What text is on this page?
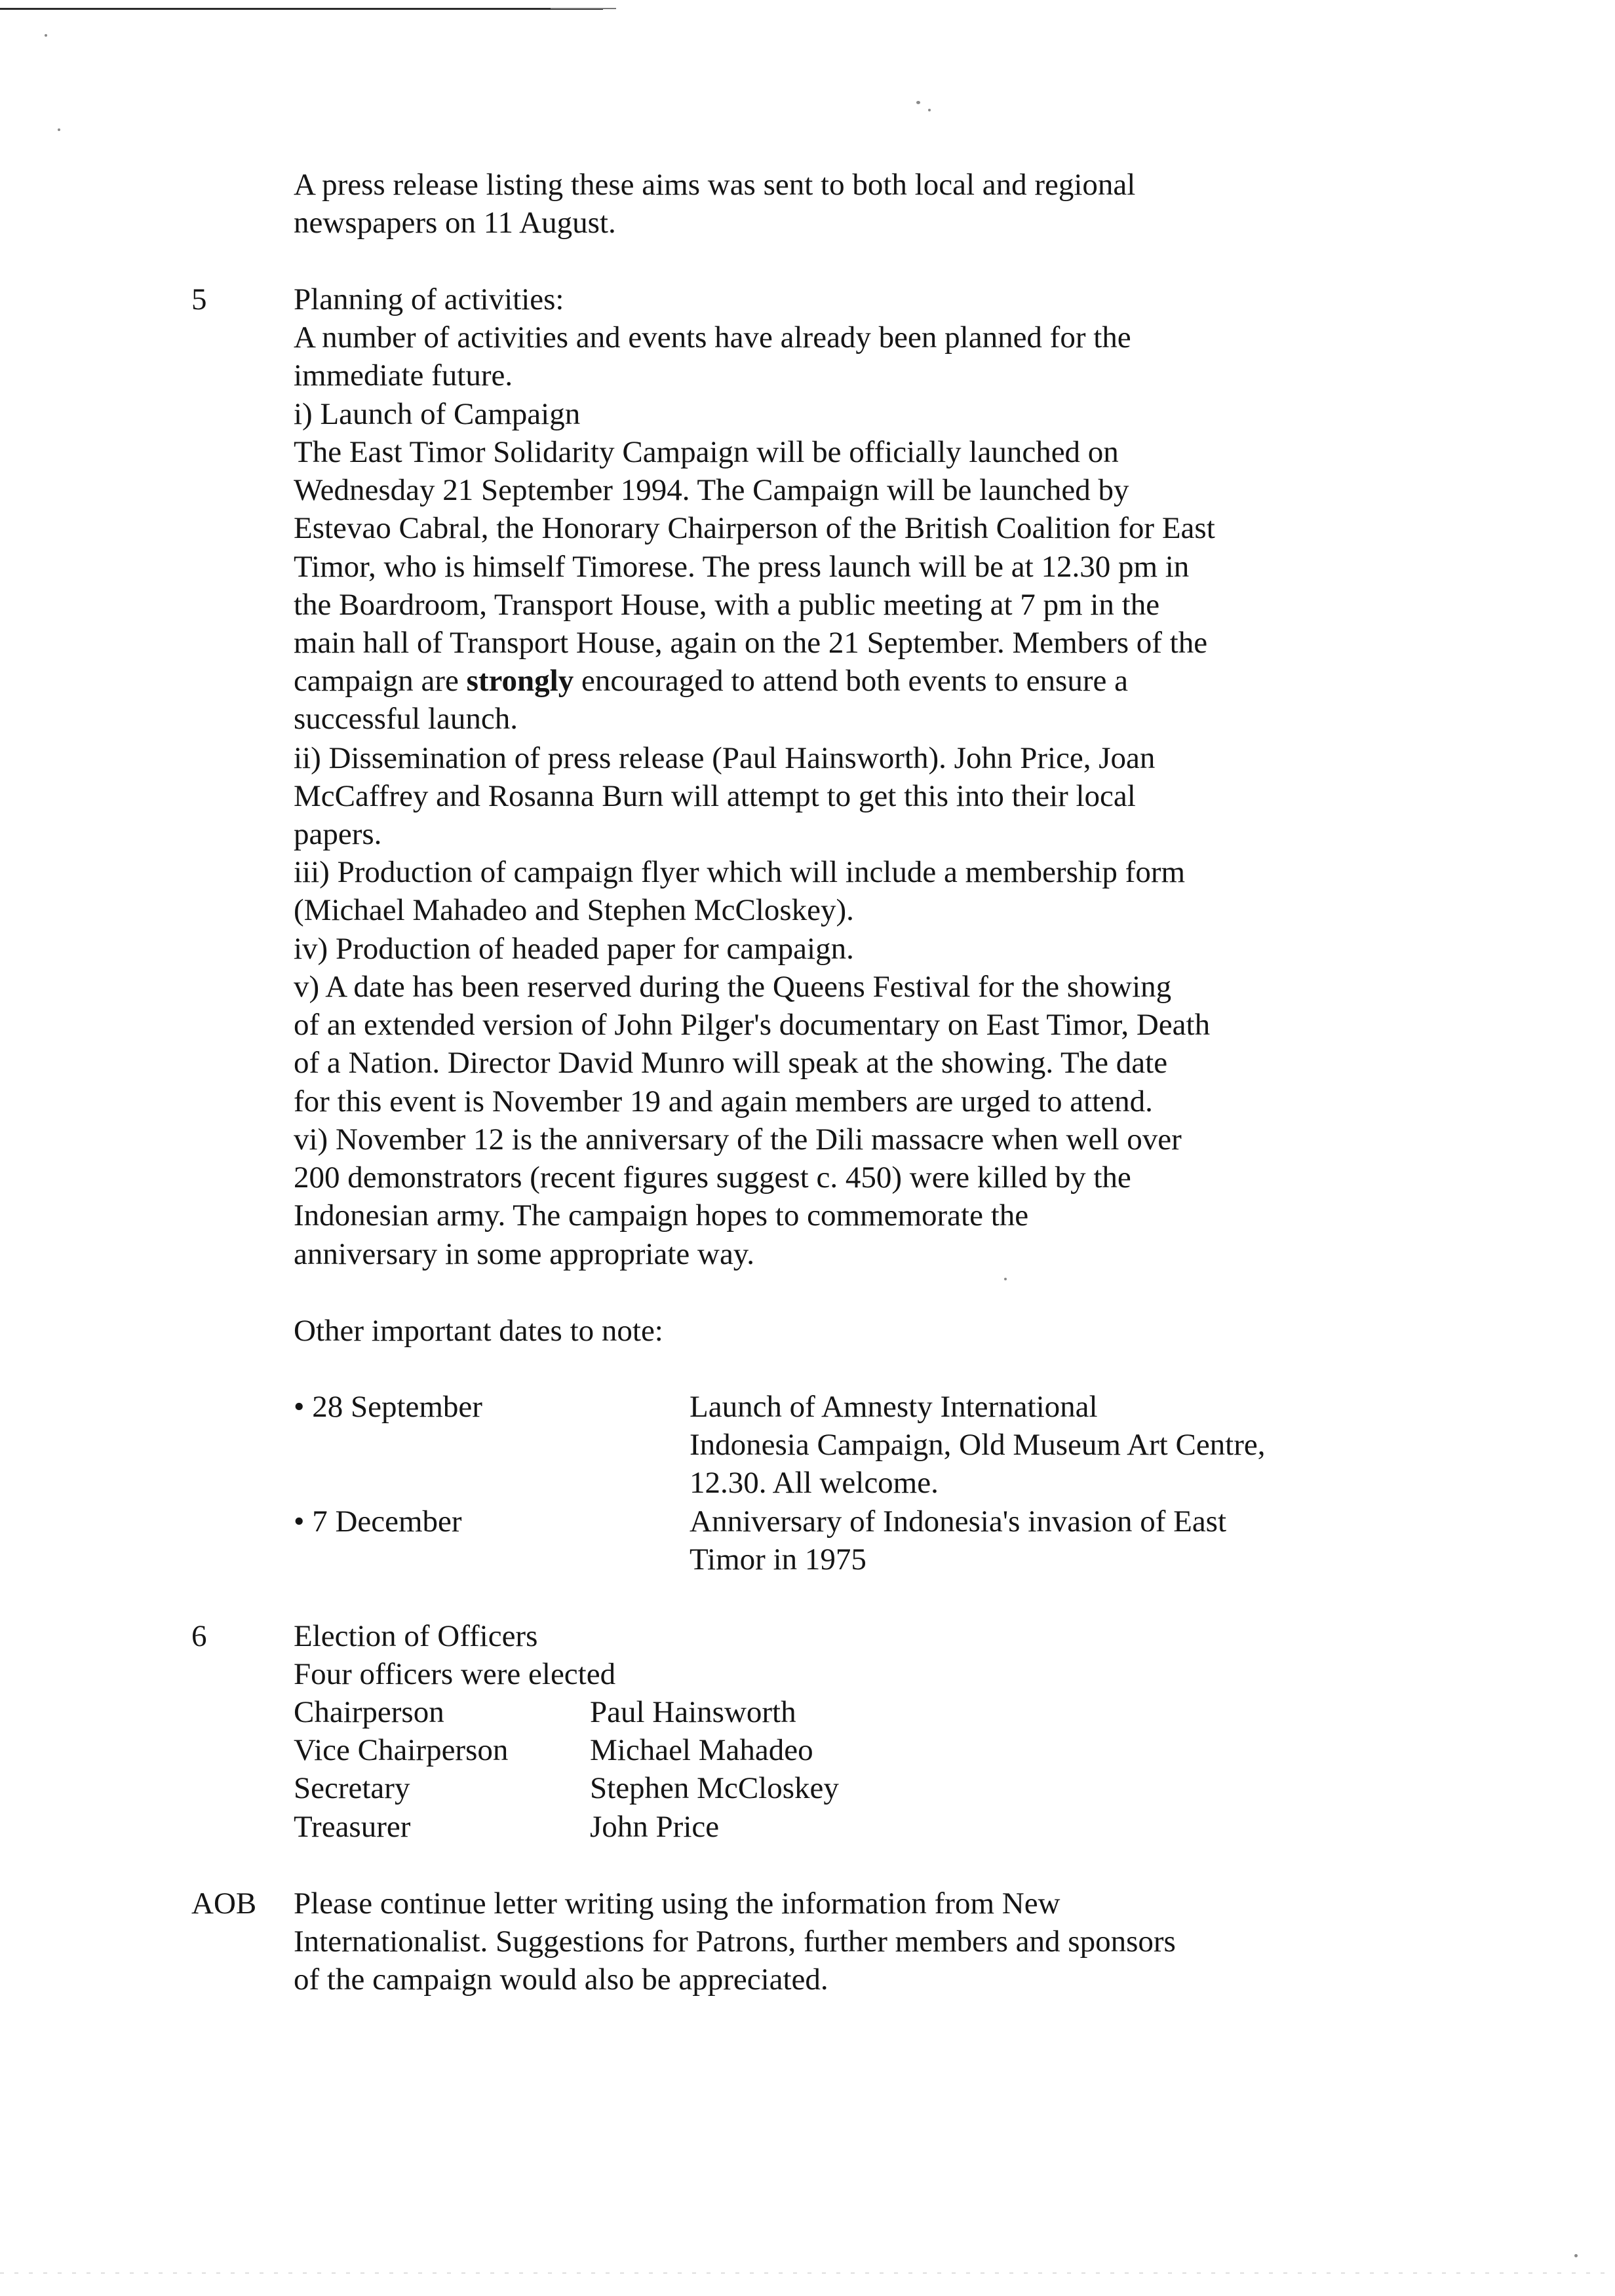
A press release listing these aims was sent to both local and regional
newspapers on 11 August.

5	Planning of activities:

A number of activities and events have already been planned for the
immediate future.

i) Launch of Campaign

The East Timor Solidarity Campaign will be officially launched on
Wednesday 21 September 1994. The Campaign will be launched by
Estevao Cabral, the Honorary Chairperson of the British Coalition for East
Timor, who is himself Timorese. The press launch will be at 12.30 pm in
the Boardroom, Transport House, with a public meeting at 7 pm in the
main hall of Transport House, again on the 21 September. Members of the
campaign are strongly encouraged to attend both events to ensure a
successful launch.

ii) Dissemination of press release (Paul Hainsworth). John Price, Joan
McCaffrey and Rosanna Burn will attempt to get this into their local
papers.

iii) Production of campaign flyer which will include a membership form
(Michael Mahadeo and Stephen McCloskey).

iv) Production of headed paper for campaign.

v) A date has been reserved during the Queens Festival for the showing
of an extended version of John Pilger's documentary on East Timor, Death
of a Nation. Director David Munro will speak at the showing. The date
for this event is November 19 and again members are urged to attend.

vi) November 12 is the anniversary of the Dili massacre when well over
200 demonstrators (recent figures suggest c. 450) were killed by the
Indonesian army. The campaign hopes to commemorate the
anniversary in some appropriate way.

Other important dates to note:

• 28 September	Launch of Amnesty International
Indonesia Campaign, Old Museum Art Centre,
12.30. All welcome.
• 7 December	Anniversary of Indonesia's invasion of East
Timor in 1975
6	Election of Officers

Four officers were elected

Chairperson	Paul Hainsworth
Vice Chairperson	Michael Mahadeo
Secretary	Stephen McCloskey
Treasurer	John Price
AOB Please continue letter writing using the information from New
Internationalist. Suggestions for Patrons, further members and sponsors
of the campaign would also be appreciated.
